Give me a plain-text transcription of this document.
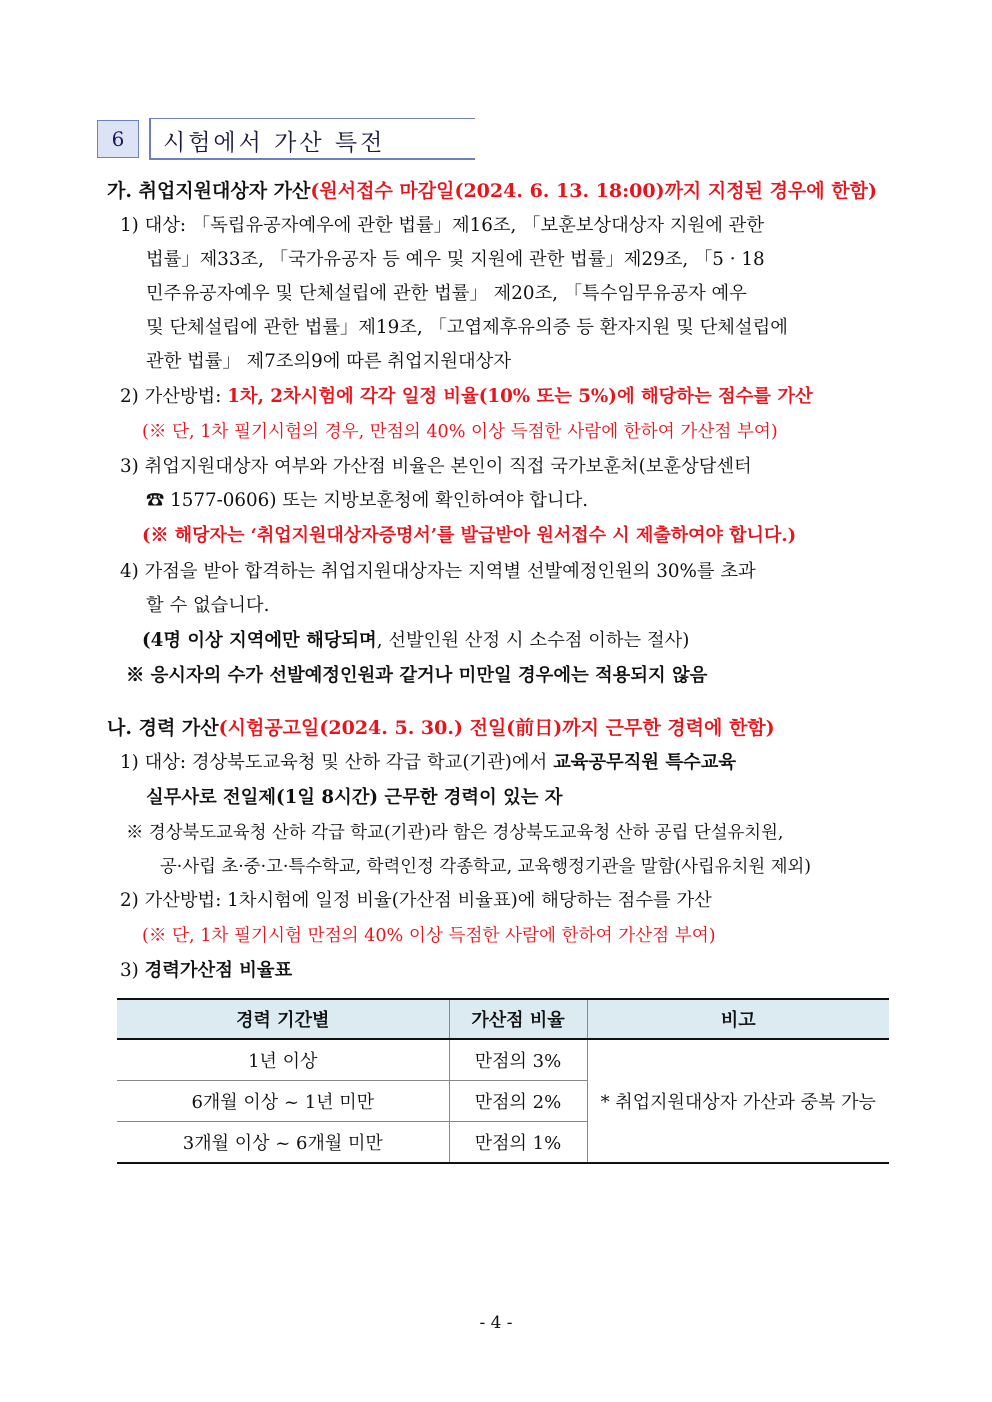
6	시험에서 가산 특전
가. 취업지원대상자 가산(원서접수 마감일(2024. 6. 13. 18:00)까지 지정된 경우에 한함)
1) 대상: 「독립유공자예우에 관한 법률」제16조, 「보훈보상대상자 지원에 관한
법률」제33조, 「국가유공자 등 예우 및 지원에 관한 법률」제29조, 「5 · 18
민주유공자예우 및 단체설립에 관한 법률」 제20조, 「특수임무유공자 예우
및 단체설립에 관한 법률」제19조, 「고엽제후유의증 등 환자지원 및 단체설립에
관한 법률」 제7조의9에 따른 취업지원대상자
2) 가산방법: 1차, 2차시험에 각각 일정 비율(10% 또는 5%)에 해당하는 점수를 가산
(※ 단, 1차 필기시험의 경우, 만점의 40% 이상 득점한 사람에 한하여 가산점 부여)
3) 취업지원대상자 여부와 가산점 비율은 본인이 직접 국가보훈처(보훈상담센터
☎ 1577-0606) 또는 지방보훈청에 확인하여야 합니다.
(※ 해당자는 ‘취업지원대상자증명서’를 발급받아 원서접수 시 제출하여야 합니다.)
4) 가점을 받아 합격하는 취업지원대상자는 지역별 선발예정인원의 30%를 초과
할 수 없습니다.
(4명 이상 지역에만 해당되며, 선발인원 산정 시 소수점 이하는 절사)
※ 응시자의 수가 선발예정인원과 같거나 미만일 경우에는 적용되지 않음
나. 경력 가산(시험공고일(2024. 5. 30.) 전일(前日)까지 근무한 경력에 한함)
1) 대상: 경상북도교육청 및 산하 각급 학교(기관)에서 교육공무직원 특수교육
실무사로 전일제(1일 8시간) 근무한 경력이 있는 자
※ 경상북도교육청 산하 각급 학교(기관)라 함은 경상북도교육청 산하 공립 단설유치원,
공·사립 초·중·고·특수학교, 학력인정 각종학교, 교육행정기관을 말함(사립유치원 제외)
2) 가산방법: 1차시험에 일정 비율(가산점 비율표)에 해당하는 점수를 가산
(※ 단, 1차 필기시험 만점의 40% 이상 득점한 사람에 한하여 가산점 부여)
3) 경력가산점 비율표
경력 기간별	가산점 비율	비고
1년 이상	만점의 3%	* 취업지원대상자 가산과 중복 가능
6개월 이상 ~ 1년 미만	만점의 2%	
3개월 이상 ~ 6개월 미만	만점의 1%	
- 4 -
